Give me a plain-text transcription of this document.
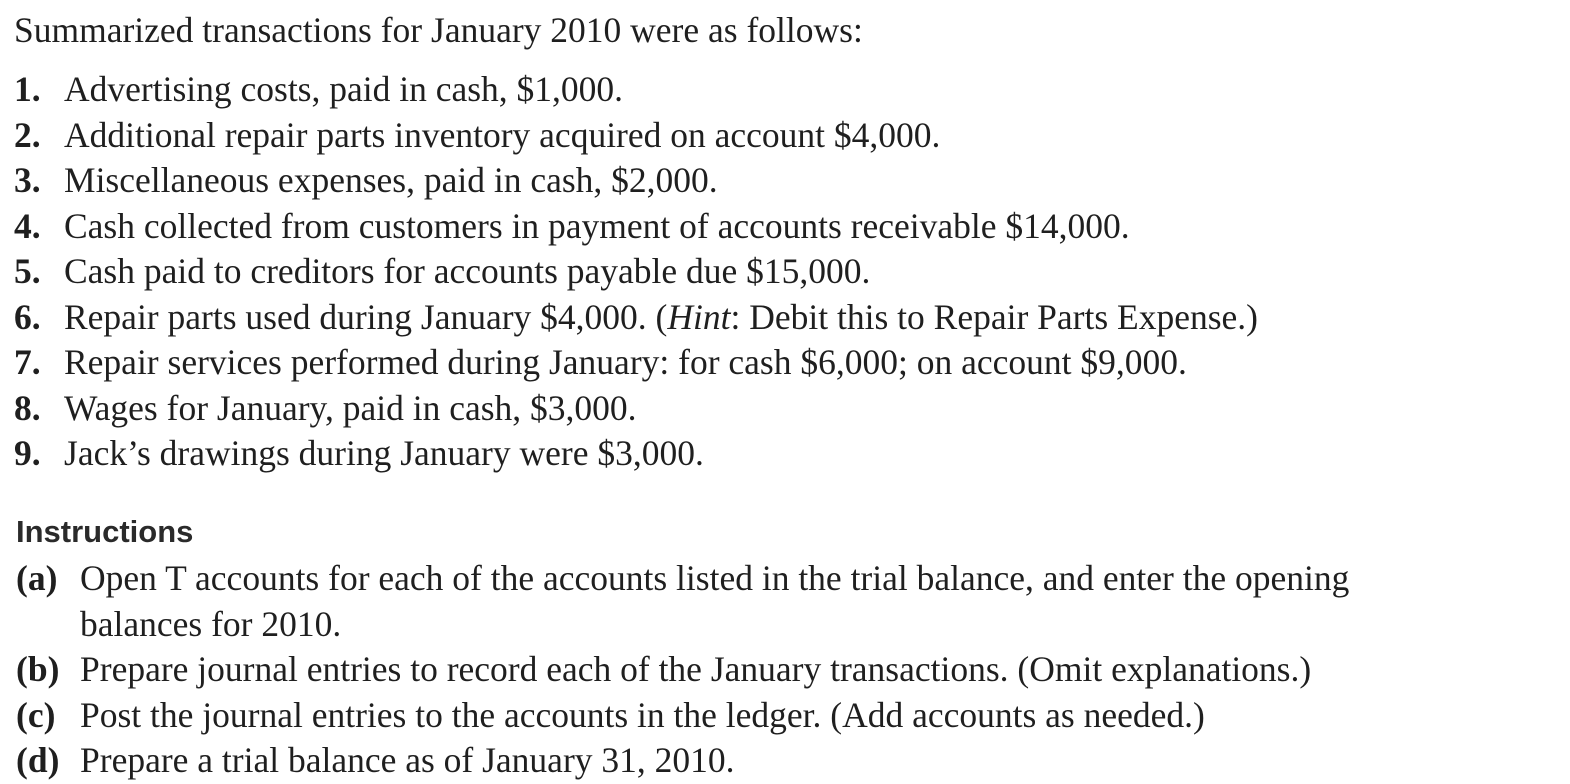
Summarized transactions for January 2010 were as follows:
1. Advertising costs, paid in cash, $1,000.
2. Additional repair parts inventory acquired on account $4,000.
3. Miscellaneous expenses, paid in cash, $2,000.
4. Cash collected from customers in payment of accounts receivable $14,000.
5. Cash paid to creditors for accounts payable due $15,000.
6. Repair parts used during January $4,000. (Hint: Debit this to Repair Parts Expense.)
7. Repair services performed during January: for cash $6,000; on account $9,000.
8. Wages for January, paid in cash, $3,000.
9. Jack’s drawings during January were $3,000.
Instructions
(a) Open T accounts for each of the accounts listed in the trial balance, and enter the opening
balances for 2010.
(b) Prepare journal entries to record each of the January transactions. (Omit explanations.)
(c) Post the journal entries to the accounts in the ledger. (Add accounts as needed.)
(d) Prepare a trial balance as of January 31, 2010.
